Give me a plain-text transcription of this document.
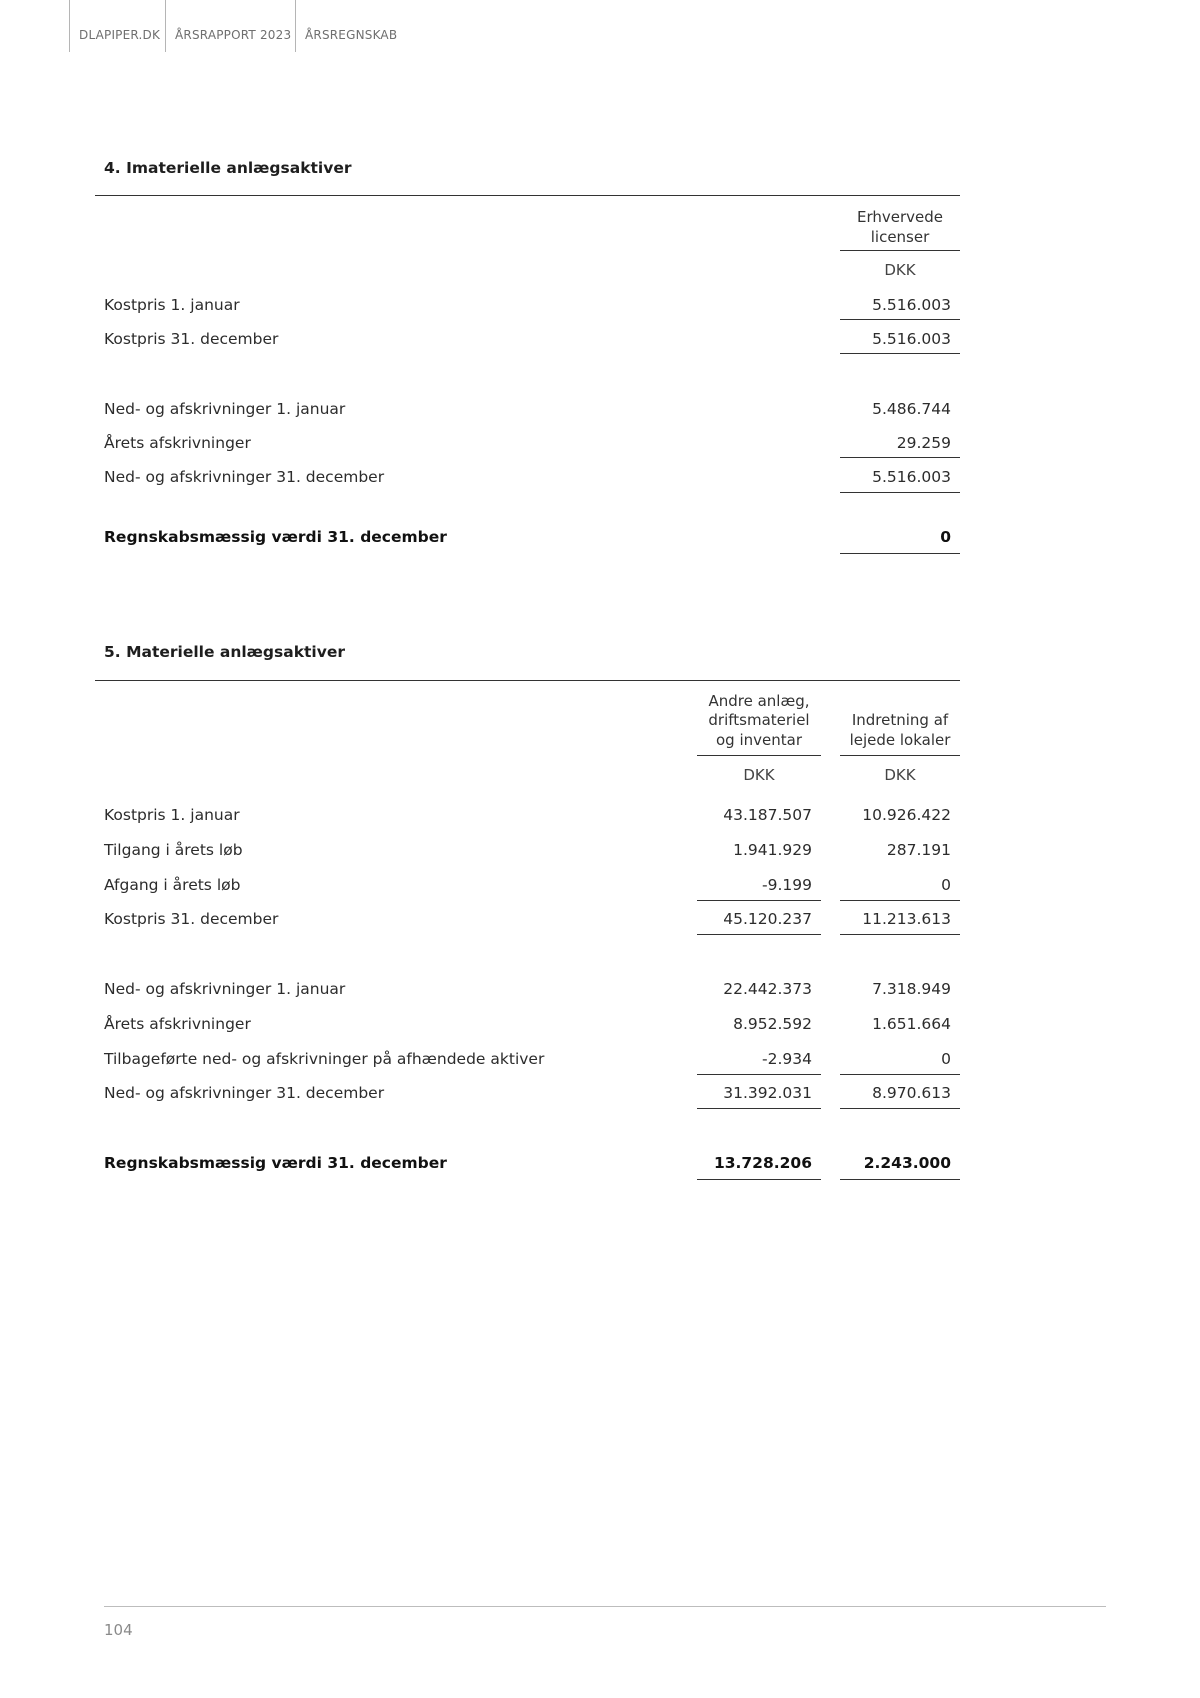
DLAPIPER.DK	ÅRSRAPPORT 2023	ÅRSREGNSKAB
4. Imaterielle anlægsaktiver
Erhvervede licenser
DKK
Kostpris 1. januar	5.516.003
Kostpris 31. december	5.516.003
Ned- og afskrivninger 1. januar	5.486.744
Årets afskrivninger	29.259
Ned- og afskrivninger 31. december	5.516.003
Regnskabsmæssig værdi 31. december	0
5. Materielle anlægsaktiver
Andre anlæg, driftsmateriel og inventar
Indretning af lejede lokaler
DKK	DKK
Kostpris 1. januar	43.187.507	10.926.422
Tilgang i årets løb	1.941.929	287.191
Afgang i årets løb	-9.199	0
Kostpris 31. december	45.120.237	11.213.613
Ned- og afskrivninger 1. januar	22.442.373	7.318.949
Årets afskrivninger	8.952.592	1.651.664
Tilbageførte ned- og afskrivninger på afhændede aktiver	-2.934	0
Ned- og afskrivninger 31. december	31.392.031	8.970.613
Regnskabsmæssig værdi 31. december	13.728.206	2.243.000
104
